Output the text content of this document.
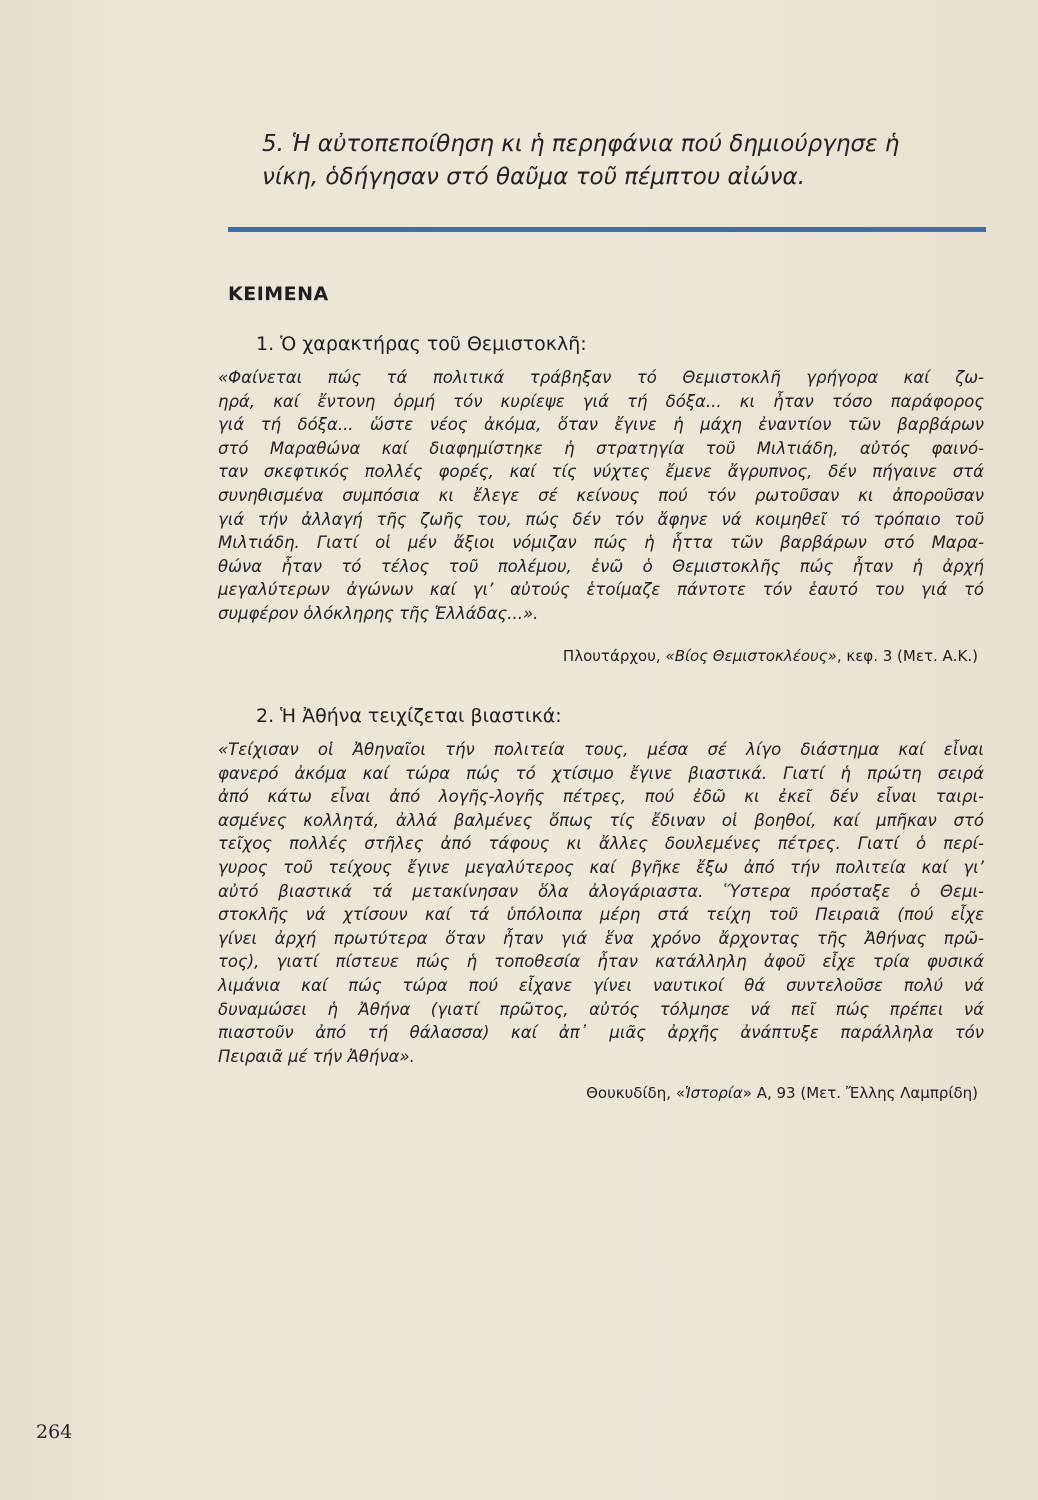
5. Ἡ αὐτοπεποίθηση κι ἡ περηφάνια πού δημιούργησε ἡ
νίκη, ὁδήγησαν στό θαῦμα τοῦ πέμπτου αἰώνα.
ΚΕΙΜΕΝΑ
1. Ὁ χαρακτήρας τοῦ Θεμιστοκλῆ:
«Φαίνεται πώς τά πολιτικά τράβηξαν τό Θεμιστοκλῆ γρήγορα καί ζω-
ηρά, καί ἔντονη ὁρμή τόν κυρίεψε γιά τή δόξα... κι ἦταν τόσο παράφορος
γιά τή δόξα... ὥστε νέος ἀκόμα, ὅταν ἔγινε ἡ μάχη ἐναντίον τῶν βαρβάρων
στό Μαραθώνα καί διαφημίστηκε ἡ στρατηγία τοῦ Μιλτιάδη, αὐτός φαινό-
ταν σκεφτικός πολλές φορές, καί τίς νύχτες ἔμενε ἄγρυπνος, δέν πήγαινε στά
συνηθισμένα συμπόσια κι ἔλεγε σέ κείνους πού τόν ρωτοῦσαν κι ἀποροῦσαν
γιά τήν ἀλλαγή τῆς ζωῆς του, πώς δέν τόν ἄφηνε νά κοιμηθεῖ τό τρόπαιο τοῦ
Μιλτιάδη. Γιατί οἱ μέν ἄξιοι νόμιζαν πώς ἡ ἧττα τῶν βαρβάρων στό Μαρα-
θώνα ἦταν τό τέλος τοῦ πολέμου, ἐνῶ ὁ Θεμιστοκλῆς πώς ἦταν ἡ ἀρχή
μεγαλύτερων ἀγώνων καί γι’ αὐτούς ἑτοίμαζε πάντοτε τόν ἑαυτό του γιά τό
συμφέρον ὁλόκληρης τῆς Ἑλλάδας...».
Πλουτάρχου, «Βίος Θεμιστοκλέους», κεφ. 3 (Μετ. Α.Κ.)
2. Ἡ Ἀθήνα τειχίζεται βιαστικά:
«Τείχισαν οἱ Ἀθηναῖοι τήν πολιτεία τους, μέσα σέ λίγο διάστημα καί εἶναι
φανερό ἀκόμα καί τώρα πώς τό χτίσιμο ἔγινε βιαστικά. Γιατί ἡ πρώτη σειρά
ἀπό κάτω εἶναι ἀπό λογῆς-λογῆς πέτρες, πού ἐδῶ κι ἐκεῖ δέν εἶναι ταιρι-
ασμένες κολλητά, ἀλλά βαλμένες ὅπως τίς ἔδιναν οἱ βοηθοί, καί μπῆκαν στό
τεῖχος πολλές στῆλες ἀπό τάφους κι ἄλλες δουλεμένες πέτρες. Γιατί ὁ περί-
γυρος τοῦ τείχους ἔγινε μεγαλύτερος καί βγῆκε ἔξω ἀπό τήν πολιτεία καί γι’
αὐτό βιαστικά τά μετακίνησαν ὅλα ἀλογάριαστα. Ὕστερα πρόσταξε ὁ Θεμι-
στοκλῆς νά χτίσουν καί τά ὑπόλοιπα μέρη στά τείχη τοῦ Πειραιᾶ (πού εἶχε
γίνει ἀρχή πρωτύτερα ὅταν ἦταν γιά ἕνα χρόνο ἄρχοντας τῆς Ἀθήνας πρῶ-
τος), γιατί πίστευε πώς ἡ τοποθεσία ἦταν κατάλληλη ἀφοῦ εἶχε τρία φυσικά
λιμάνια καί πώς τώρα πού εἶχανε γίνει ναυτικοί θά συντελοῦσε πολύ νά
δυναμώσει ἡ Ἀθήνα (γιατί πρῶτος, αὐτός τόλμησε νά πεῖ πώς πρέπει νά
πιαστοῦν ἀπό τή θάλασσα) καί ἀπ᾽ μιᾶς ἀρχῆς ἀνάπτυξε παράλληλα τόν
Πειραιᾶ μέ τήν Ἀθήνα».
Θουκυδίδη, «Ἱστορία» Α, 93 (Μετ. Ἔλλης Λαμπρίδη)
264
